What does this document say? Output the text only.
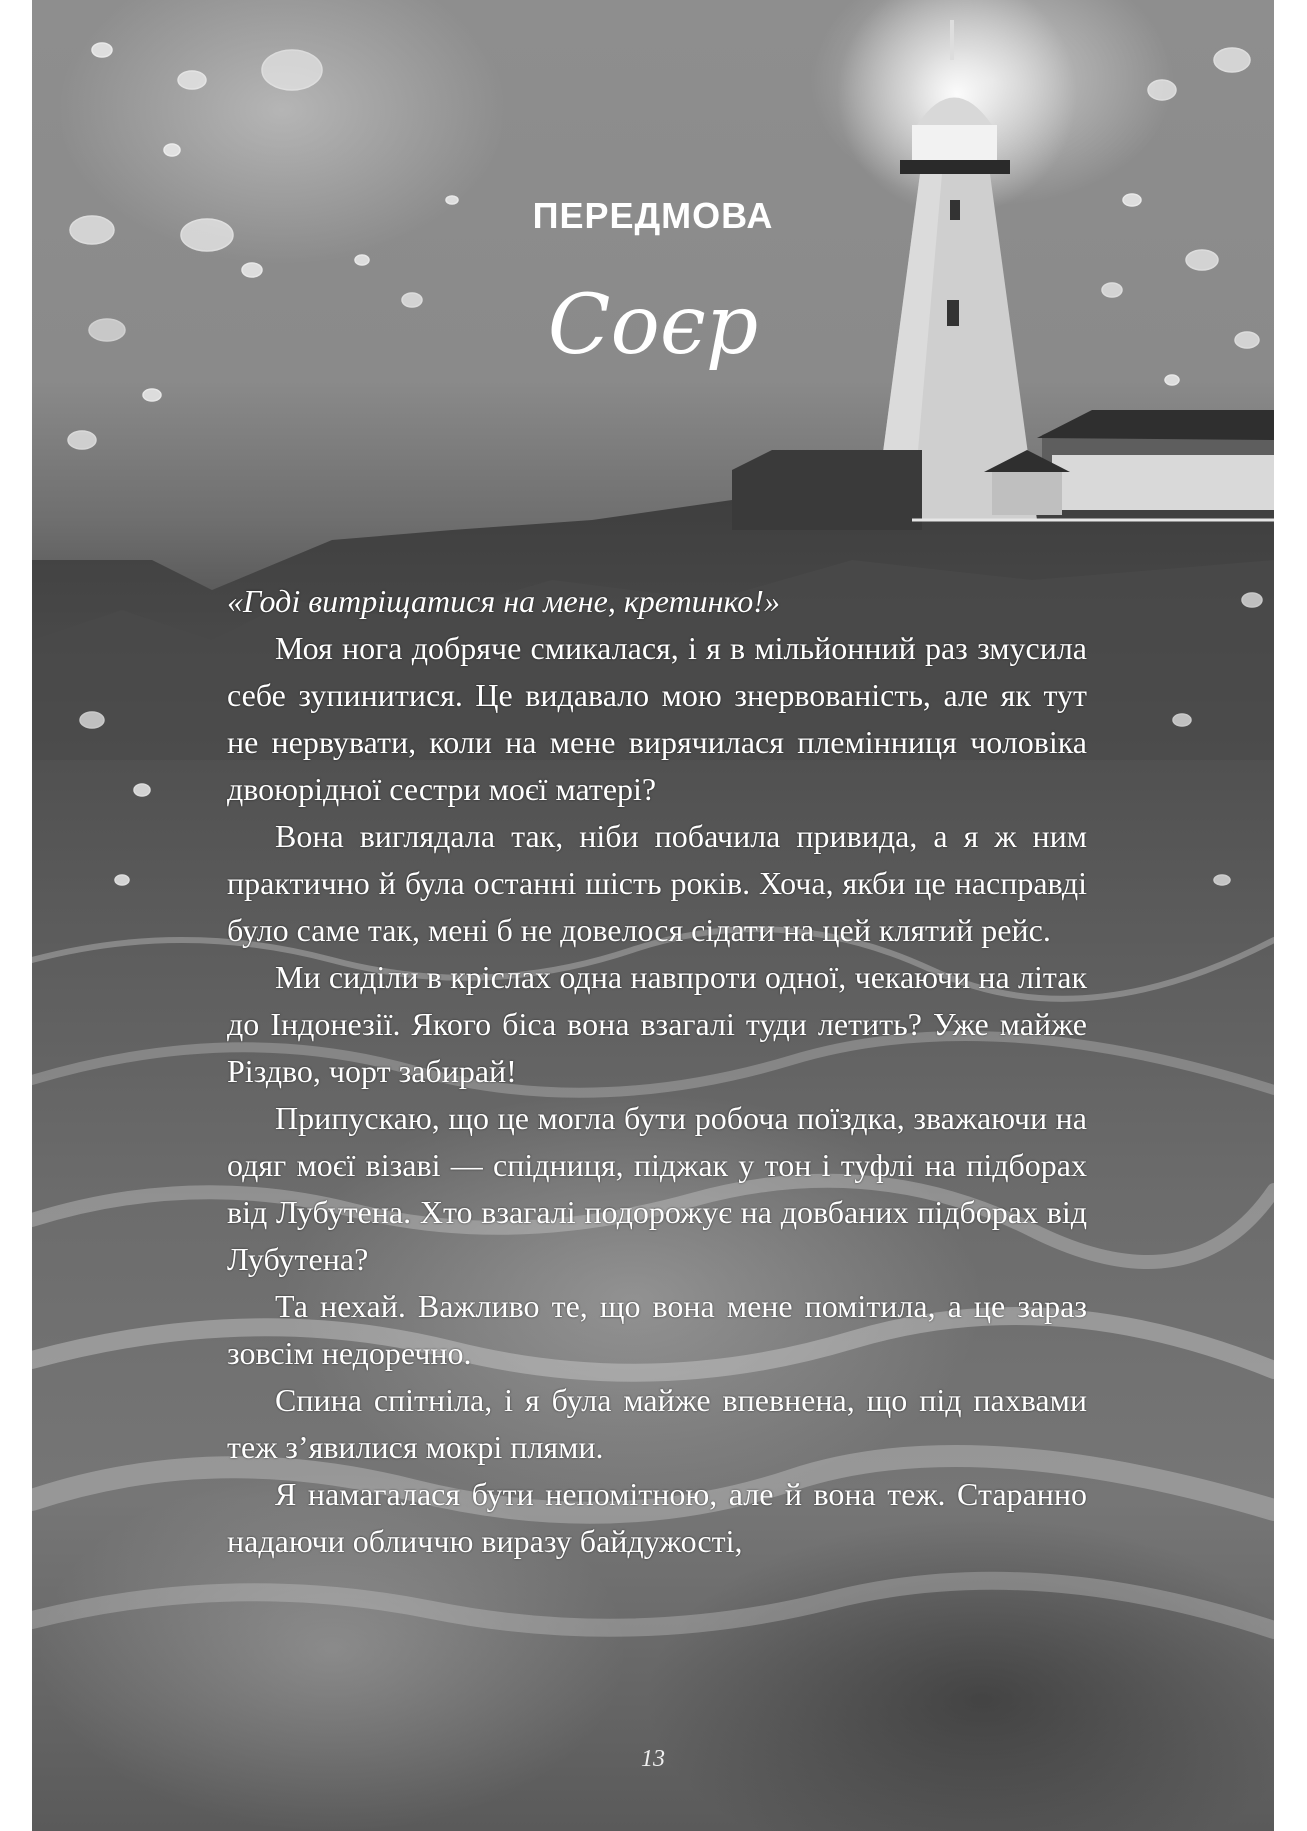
ПЕРЕДМОВА
Соєр

«Годі витріщатися на мене, кретинко!»

Моя нога добряче смикалася, і я в мільйонний раз змусила себе зупинитися. Це видавало мою знервованість, але як тут не нервувати, коли на мене вирячилася племінниця чоловіка двоюрідної сестри моєї матері?

Вона виглядала так, ніби побачила привида, а я ж ним практично й була останні шість років. Хоча, якби це насправді було саме так, мені б не довелося сідати на цей клятий рейс.

Ми сиділи в кріслах одна навпроти одної, чекаючи на літак до Індонезії. Якого біса вона взагалі туди летить? Уже майже Різдво, чорт забирай!

Припускаю, що це могла бути робоча поїздка, зважаючи на одяг моєї візаві — спідниця, піджак у тон і туфлі на підборах від Лубутена. Хто взагалі подорожує на довбаних підборах від Лубутена?

Та нехай. Важливо те, що вона мене помітила, а це зараз зовсім недоречно.

Спина спітніла, і я була майже впевнена, що під пахвами теж з’явилися мокрі плями.

Я намагалася бути непомітною, але й вона теж. Старанно надаючи обличчю виразу байдужості,

13
